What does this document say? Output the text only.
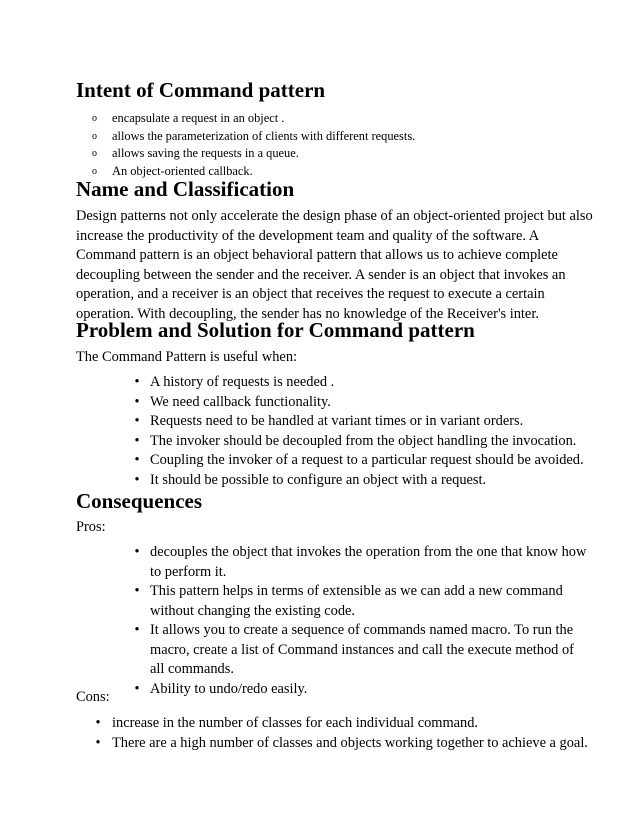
Intent of Command pattern
o encapsulate a request in an object .
o allows the parameterization of clients with different requests.
o allows saving the requests in a queue.
o An object-oriented callback.
Name and Classification

Design patterns not only accelerate the design phase of an object-oriented project but also
increase the productivity of the development team and quality of the software. A
Command pattern is an object behavioral pattern that allows us to achieve complete
decoupling between the sender and the receiver. A sender is an object that invokes an
operation, and a receiver is an object that receives the request to execute a certain
operation. With decoupling, the sender has no knowledge of the Receiver's inter.

Problem and Solution for Command pattern

The Command Pattern is useful when:

• A history of requests is needed .
• We need callback functionality.
• Requests need to be handled at variant times or in variant orders.
• The invoker should be decoupled from the object handling the invocation.
• Coupling the invoker of a request to a particular request should be avoided.
• It should be possible to configure an object with a request.
Consequences

Pros:

• decouples the object that invokes the operation from the one that know how
to perform it.
• This pattern helps in terms of extensible as we can add a new command
without changing the existing code.
• It allows you to create a sequence of commands named macro. To run the
macro, create a list of Command instances and call the execute method of
all commands.
• Ability to undo/redo easily.

Cons:

• increase in the number of classes for each individual command.
• There are a high number of classes and objects working together to achieve a goal.
